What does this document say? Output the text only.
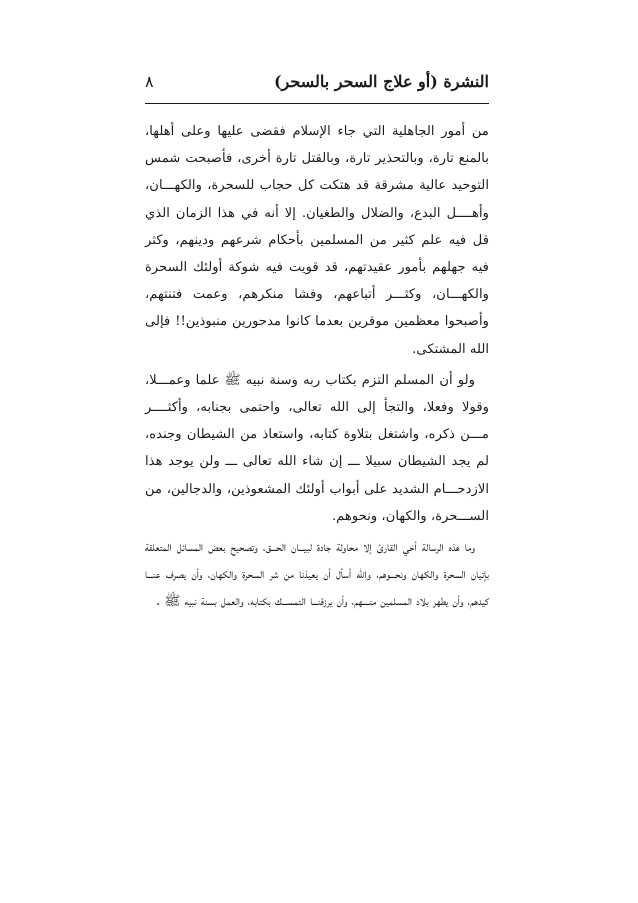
النشرة (أو علاج السحر بالسحر)
٨

من أمور الجاهلية التي جاء الإسلام فقضى عليها وعلى أهلها، بالمنع تارة، وبالتحذير تارة، وبالقتل تارة أخرى، فأصبحت شمس التوحيد عالية مشرقة قد هتكت كل حجاب للسحرة، والكهـــان، وأهــــل البدع، والضلال والطغيان. إلا أنه في هذا الزمان الذي قل فيه علم كثير من المسلمين بأحكام شرعهم ودينهم، وكثر فيه جهلهم بأمور عقيدتهم، قد قويت فيه شوكة أولئك السحرة والكهـــان، وكثـــر أتباعهم، وفشا منكرهم، وعمت فتنتهم، وأصبحوا معظمين موقرين بعدما كانوا مدحورين منبوذين!! فإلى الله المشتكى.

ولو أن المسلم التزم بكتاب ربه وسنة نبيه ﷺ علما وعمـــلا، وقولا وفعلا، والتجأ إلى الله تعالى، واحتمى بجنابه، وأكثــــر مـــن ذكره، واشتغل بتلاوة كتابه، واستعاذ من الشيطان وجنده، لم يجد الشيطان سبيلا ـــ إن شاء الله تعالى ـــ ولن يوجد هذا الازدحـــام الشديد على أبواب أولئك المشعوذين، والدجالين، من الســـحرة، والكهان، ونحوهم.

وما هذه الرسالة أخي القارئ إلا محاولة جادة لبيـــان الحـــق، وتصحيح بعض المسائل المتعلقة بإتيان السحرة والكهان ونحـــوهم، والله أسأل أن يعيذنا من شر السحرة والكهان، وأن يصرف عنـــا كيدهم، وأن يطهر بلاد المسلمين منــــهم، وأن يرزقنـــا التمســـك بكتابه، والعمل بسنة نبيه ﷺ .
